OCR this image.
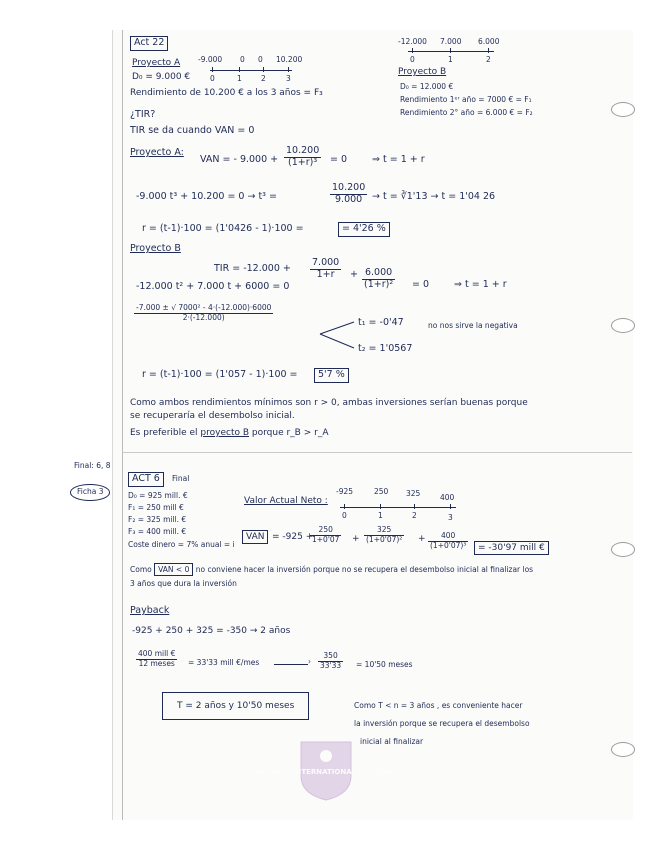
Act 22
Proyecto A -9.000 0 0 10.200
0	1	2	3
D₀ = 9.000 €
Rendimiento de 10.200 € a los 3 años = F₃
-12.000 7.000 6.000
0	1	2
Proyecto B
D₀ = 12.000 €
Rendimiento 1ᵉʳ año = 7000 € = F₁
Rendimiento 2° año = 6.000 € = F₂
¿TIR?
TIR se da cuando VAN = 0
Proyecto A:
VAN = - $9.000 + \frac{10.200}{\text{(1+r)³}} = 0$	⇒ t = 1 + r
-9.000 t³ + 10.200 = 0 → t³ =	$\frac{10.200}{9.000} \to t$ = ∛1'13 → t = 1'04 26
r = (t-1)·100 = (1'0426 - 1)·100 =	= 4'26 %
Proyecto B
TIR = $-12.000 + \frac{7.000}{1+r} + \frac{6.000}{\text{(1+r)²}} = 0$	⇒ t = 1 + r
-12.000 t² + 7.000 t + 6000 = 0
$\frac{\text{-7.000 ± √ 7000² - 4·(-12.000)·6000}}{2\cdot(-12.000)}$
t₁ = -0'47	no nos sirve la negativa
t₂ = 1'0567
r = (t-1)·100 = (1'057 - 1)·100 =	5'7 %
Como ambos rendimientos mínimos son r > 0, ambas inversiones serían buenas porque
se recuperaría el desembolso inicial.
Es preferible el proyecto B porque r_B > r_A
Final: 6, 8
Ficha 3
ACT 6	Final
D₀ = 925 mill. €
F₁ = 250 mill €
F₂ = 325 mill. €
F₃ = 400 mill. €
Coste dinero = 7% anual = i
Valor Actual Neto :
-925	250 325	400
0	1	2	3
VAN = -925 +
$\frac{250}{1+0'07} + \frac{325}{\text{(1+0'07)²}} + \frac{400}{\text{(1+0'07)³}}$	= -30'97 mill €
Como VAN < 0 no conviene hacer la inversión porque no se recupera el desembolso inicial al finalizar los
3 años que dura la inversión
Payback
-925 + 250 + 325 = -350 → 2 años
400 mill €
12 meses	= 33'33 mill €/mes	› $\frac{350}{33'33} = 10'50$ meses
T = 2 años y 10'50 meses	Como T < n = 3 años , es conveniente hacer
la inversión porque se recupera el desembolso
inicial al finalizar
MIRABAL INTERNATIONAL ACADEMY
